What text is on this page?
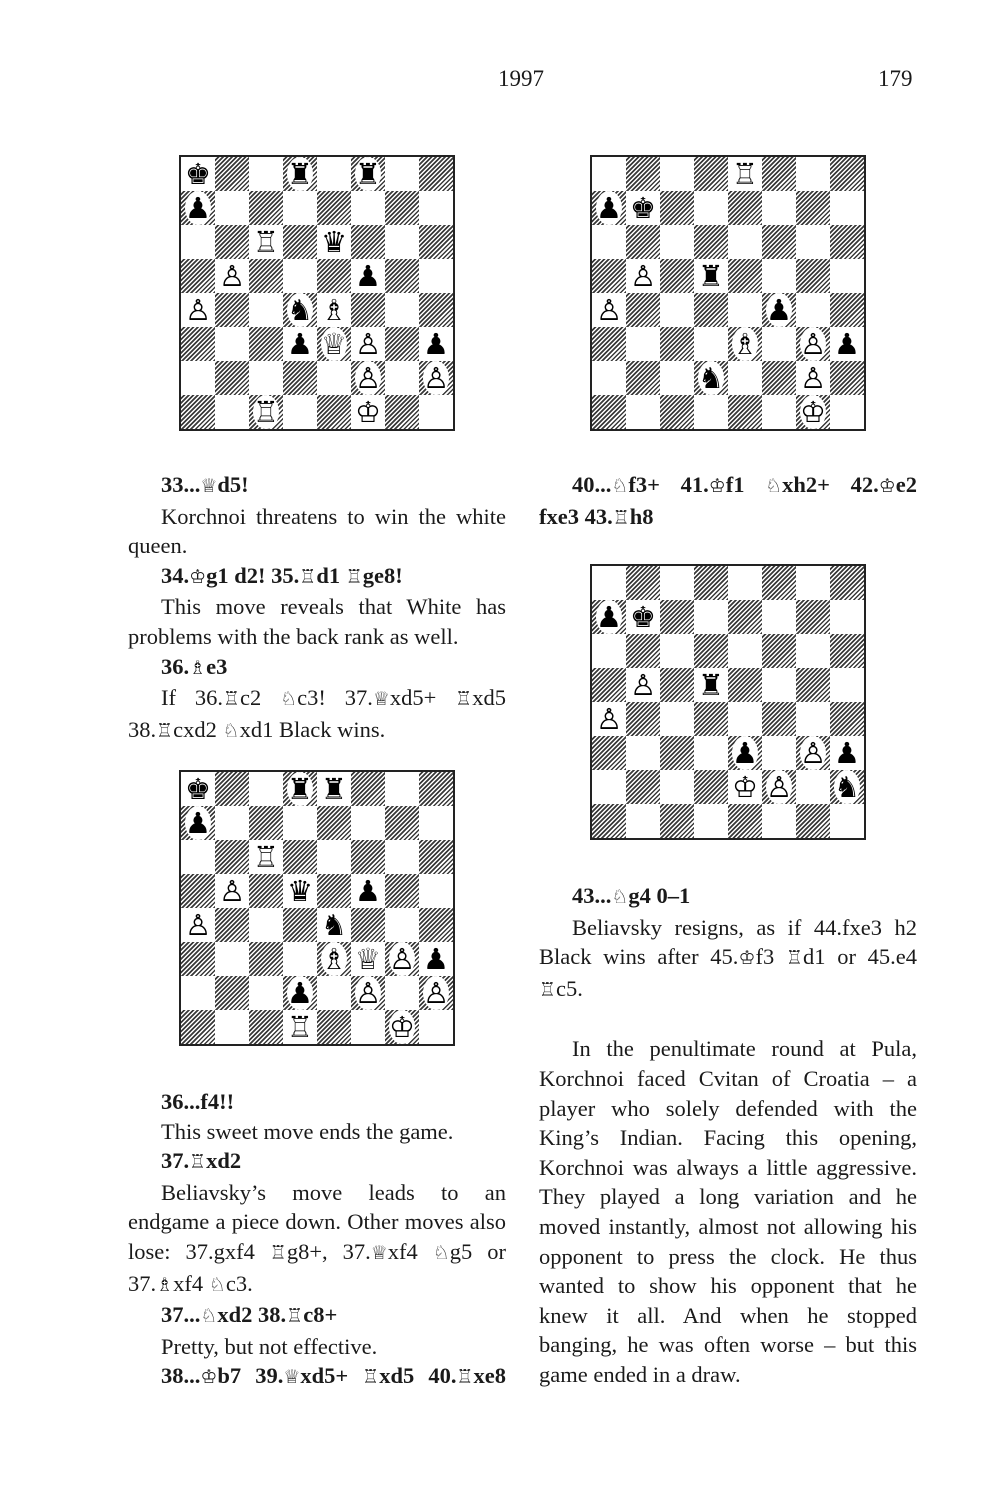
1997	179
♚	♜ ♜
♟
♖ ♛
♙	♟
♙	♞ ♗
♟ ♕ ♙ ♟
♙ ♙
♖	♔
♖
♟ ♚
♙ ♜
♙	♟
♗ ♙ ♟
♞	♙
♔
♚	♜ ♜
♟
♖
♙ ♛ ♟
♙	♞
♗ ♕ ♙ ♟
♟ ♙ ♙
♖	♔
♟ ♚
♙ ♜
♙
♟ ♙ ♟
♔ ♙ ♞

33...♕d5!

Korchnoi threatens to win the white queen.

34.♔g1 d2! 35.♖d1 ♖ge8!

This move reveals that White has problems with the back rank as well.

36.♗e3

If 36.♖c2 ♘c3! 37.♕xd5+ ♖xd5 38.♖cxd2 ♘xd1 Black wins.

36...f4!!

This sweet move ends the game.

37.♖xd2

Beliavsky’s move leads to an endgame a piece down. Other moves also lose: 37.gxf4 ♖g8+, 37.♕xf4 ♘g5 or 37.♗xf4 ♘c3.

37...♘xd2 38.♖c8+

Pretty, but not effective.

38...♔b7 39.♕xd5+ ♖xd5 40.♖xe8

40...♘f3+ 41.♔f1 ♘xh2+ 42.♔e2 fxe3 43.♖h8

43...♘g4 0–1

Beliavsky resigns, as if 44.fxe3 h2 Black wins after 45.♔f3 ♖d1 or 45.e4 ♖c5.

In the penultimate round at Pula, Korchnoi faced Cvitan of Croatia – a player who solely defended with the King’s Indian. Facing this opening, Korchnoi was always a little aggressive. They played a long variation and he moved instantly, almost not allowing his opponent to press the clock. He thus wanted to show his opponent that he knew it all. And when he stopped banging, he was often worse – but this game ended in a draw.
